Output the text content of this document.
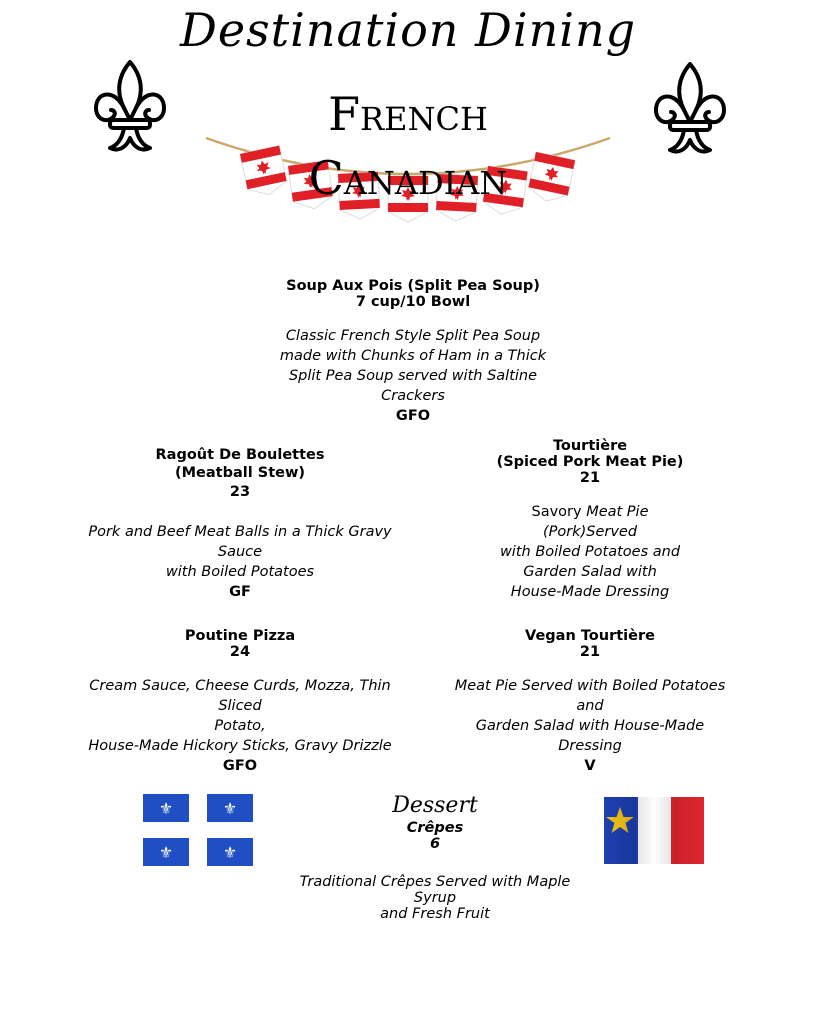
Destination Dining
French
Canadian
Soup Aux Pois (Split Pea Soup)
7 cup/10 Bowl
Classic French Style Split Pea Soup
made with Chunks of Ham in a Thick
Split Pea Soup served with Saltine
Crackers
GFO
Ragoût De Boulettes
(Meatball Stew)
23
Pork and Beef Meat Balls in a Thick Gravy
Sauce
with Boiled Potatoes
GF
Tourtière
(Spiced Pork Meat Pie)
21
Savory Meat Pie
(Pork)Served
with Boiled Potatoes and
Garden Salad with
House-Made Dressing
Poutine Pizza
24
Cream Sauce, Cheese Curds, Mozza, Thin Sliced
Potato,
House-Made Hickory Sticks, Gravy Drizzle
GFO
Vegan Tourtière
21
Meat Pie Served with Boiled Potatoes
and
Garden Salad with House-Made
Dressing
V
⚜	⚜
⚜	⚜
Dessert
Crêpes
6
Traditional Crêpes Served with Maple
Syrup
and Fresh Fruit
